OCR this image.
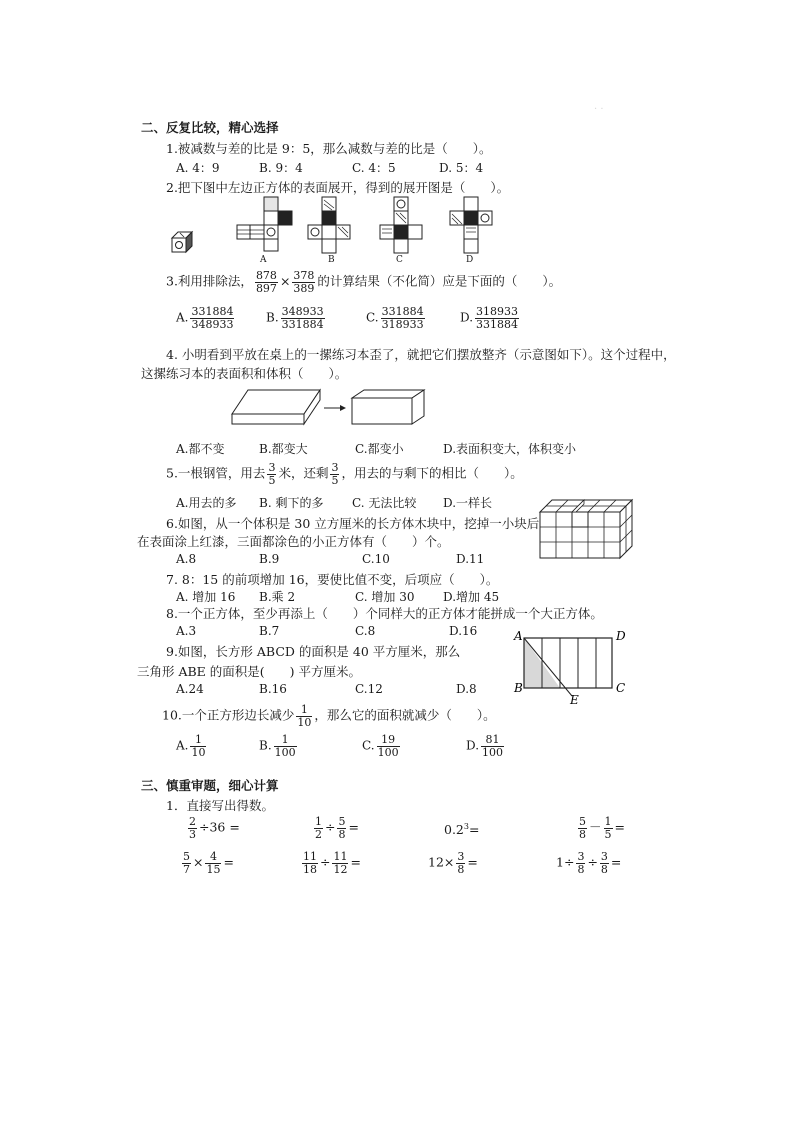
· ·
二、反复比较，精心选择
1.被减数与差的比是 9：5，那么减数与差的比是（　　）。
A. 4：9	B. 9：4	C. 4：5	D. 5：4
2.把下图中左边正方体的表面展开，得到的展开图是（　　）。
A	B	C	D
3.利用排除法， $\frac{878}{897} \times \frac{378}{389}$ 的计算结果（不化简）应是下面的（　　）。
A. $\frac{331884}{348933}$	B. $\frac{348933}{331884}$	C. $\frac{331884}{318933}$	D. $\frac{318933}{331884}$
4. 小明看到平放在桌上的一摞练习本歪了，就把它们摆放整齐（示意图如下）。这个过程中，
这摞练习本的表面积和体积（　　）。
A.都不变	B.都变大	C.都变小	D.表面积变大，体积变小
5.一根钢管，用去 $\frac{3}{5}$ 米，还剩 $\frac{3}{5}$ ，用去的与剩下的相比（　　）。
A.用去的多 B. 剩下的多 C. 无法比较 D.一样长
6.如图，从一个体积是 30 立方厘米的长方体木块中，挖掉一小块后
在表面涂上红漆，三面都涂色的小正方体有（　　）个。
A.8	B.9	C.10	D.11
7. 8：15 的前项增加 16，要使比值不变，后项应（　　）。
A. 增加 16 B.乘 2	C. 增加 30 D.增加 45
8.一个正方体，至少再添上（　　）个同样大的正方体才能拼成一个大正方体。
A.3	B.7	C.8	D.16
9.如图，长方形 ABCD 的面积是 40 平方厘米，那么
三角形 ABE 的面积是(　　) 平方厘米。
A.24	B.16	C.12	D.8
A	D
B
E
C
10.一个正方形边长减少 $\frac{1}{10}$ ，那么它的面积就减少（　　）。
A. $\frac{1}{10}$	B. $\frac{1}{100}$	C. $\frac{19}{100}$	D. $\frac{81}{100}$
三、慎重审题，细心计算
1．直接写出得数。
$\frac{2}{3} \div 36$ =	$\frac{1}{2} \div \frac{5}{8}$ =	$0.2^3=$	$\frac{5}{8} - \frac{1}{5}$ =
$\frac{5}{7} \times \frac{4}{15}$ =	$\frac{11}{18} \div \frac{11}{12}$ =	$12\times \frac{3}{8}$ =	$1\div \frac{3}{8} \div \frac{3}{8}$ =
